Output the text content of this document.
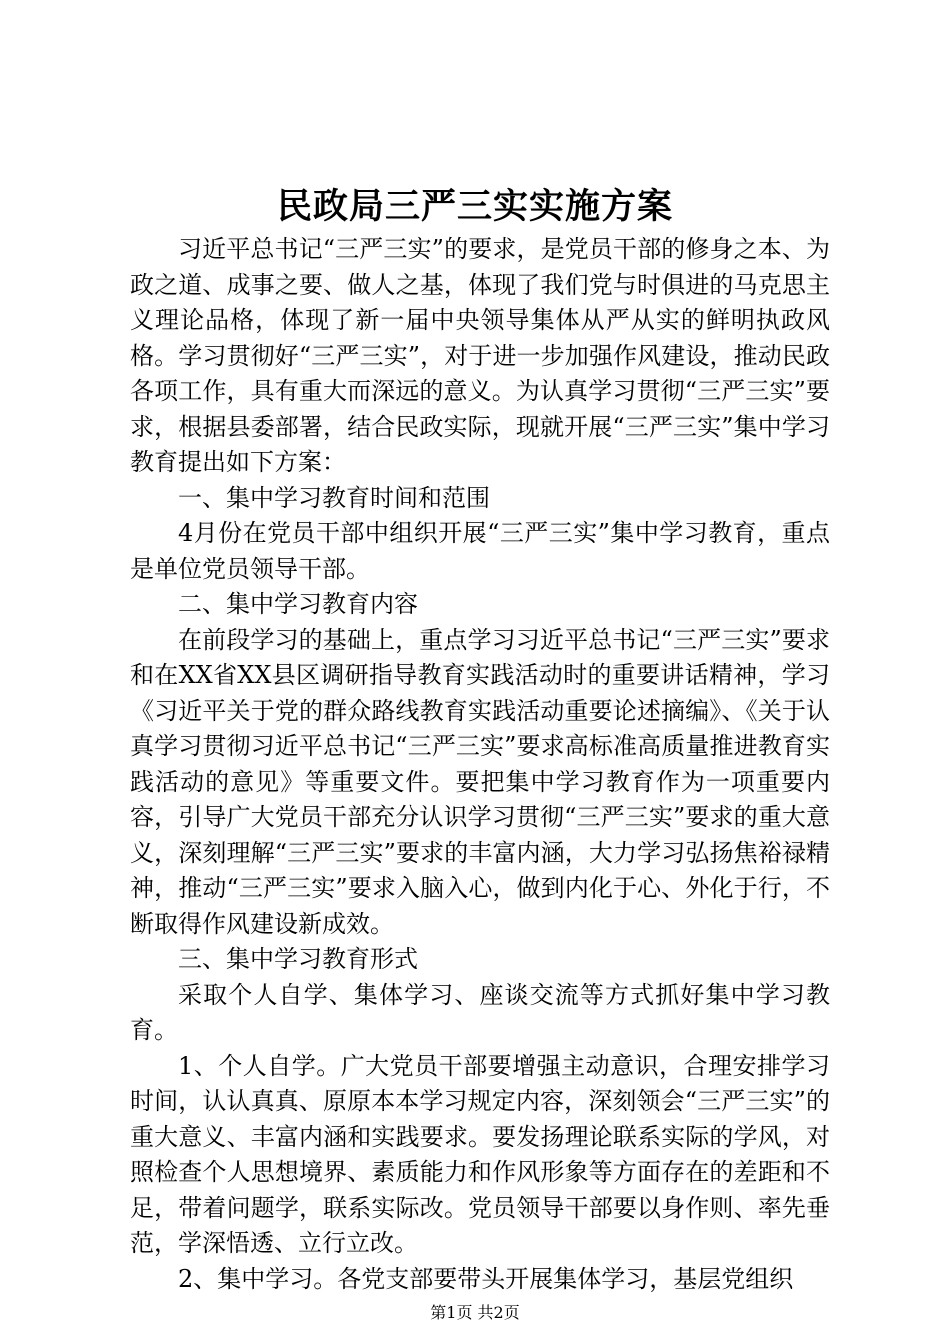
民政局三严三实实施方案

习近平总书记“三严三实”的要求，是党员干部的修身之本、为政之道、成事之要、做人之基，体现了我们党与时俱进的马克思主义理论品格，体现了新一届中央领导集体从严从实的鲜明执政风格。学习贯彻好“三严三实”，对于进一步加强作风建设，推动民政各项工作，具有重大而深远的意义。为认真学习贯彻“三严三实”要求，根据县委部署，结合民政实际，现就开展“三严三实”集中学习教育提出如下方案：

一、集中学习教育时间和范围

4月份在党员干部中组织开展“三严三实”集中学习教育，重点是单位党员领导干部。

二、集中学习教育内容

在前段学习的基础上，重点学习习近平总书记“三严三实”要求和在XX省XX县区调研指导教育实践活动时的重要讲话精神，学习《习近平关于党的群众路线教育实践活动重要论述摘编》、《关于认真学习贯彻习近平总书记“三严三实”要求高标准高质量推进教育实践活动的意见》等重要文件。要把集中学习教育作为一项重要内容，引导广大党员干部充分认识学习贯彻“三严三实”要求的重大意义，深刻理解“三严三实”要求的丰富内涵，大力学习弘扬焦裕禄精神，推动“三严三实”要求入脑入心，做到内化于心、外化于行，不断取得作风建设新成效。

三、集中学习教育形式

采取个人自学、集体学习、座谈交流等方式抓好集中学习教育。

1、个人自学。广大党员干部要增强主动意识，合理安排学习时间，认认真真、原原本本学习规定内容，深刻领会“三严三实”的重大意义、丰富内涵和实践要求。要发扬理论联系实际的学风，对照检查个人思想境界、素质能力和作风形象等方面存在的差距和不足，带着问题学，联系实际改。党员领导干部要以身作则、率先垂范，学深悟透、立行立改。

2、集中学习。各党支部要带头开展集体学习，基层党组织

第1页 共2页
